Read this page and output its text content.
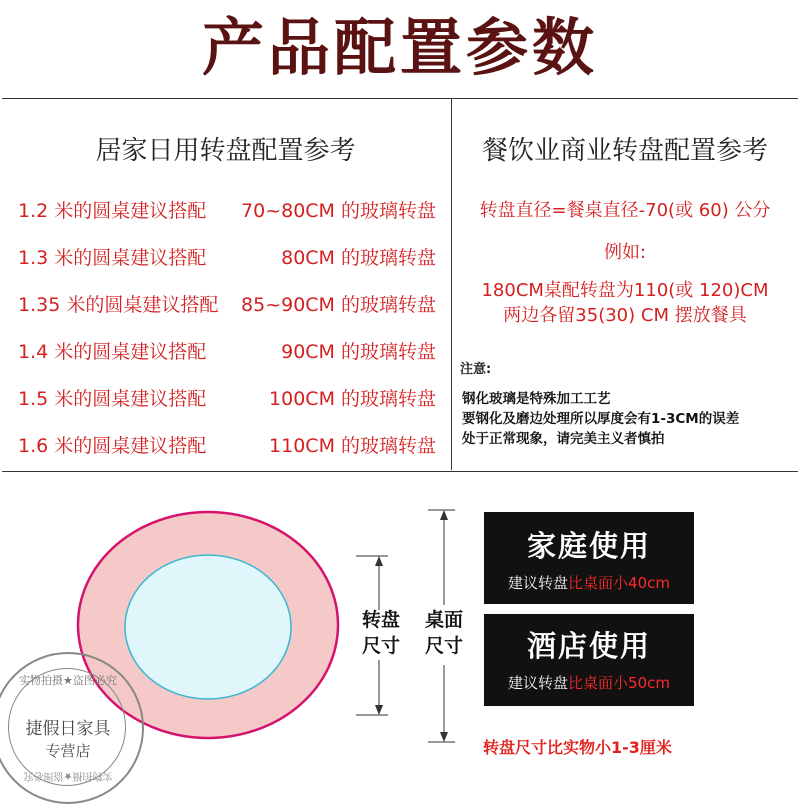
产品配置参数
居家日用转盘配置参考	餐饮业商业转盘配置参考
1.2 米的圆桌建议搭配 70~80CM 的玻璃转盘
1.3 米的圆桌建议搭配	80CM 的玻璃转盘
1.35 米的圆桌建议搭配 85~90CM 的玻璃转盘
1.4 米的圆桌建议搭配	90CM 的玻璃转盘
1.5 米的圆桌建议搭配	100CM 的玻璃转盘
1.6 米的圆桌建议搭配	110CM 的玻璃转盘
转盘直径=餐桌直径-70(或 60) 公分
例如:
180CM桌配转盘为110(或 120)CM
两边各留35(30) CM 摆放餐具
注意:
钢化玻璃是特殊加工工艺
要钢化及磨边处理所以厚度会有1-3CM的误差
处于正常现象，请完美主义者慎拍
转盘
尺寸
桌面
尺寸
家庭使用
建议转盘比桌面小40cm
酒店使用
建议转盘比桌面小50cm
转盘尺寸比实物小1-3厘米
实物拍摄★盗图必究
捷假日家具
专营店
实物拍摄★盗图必究
